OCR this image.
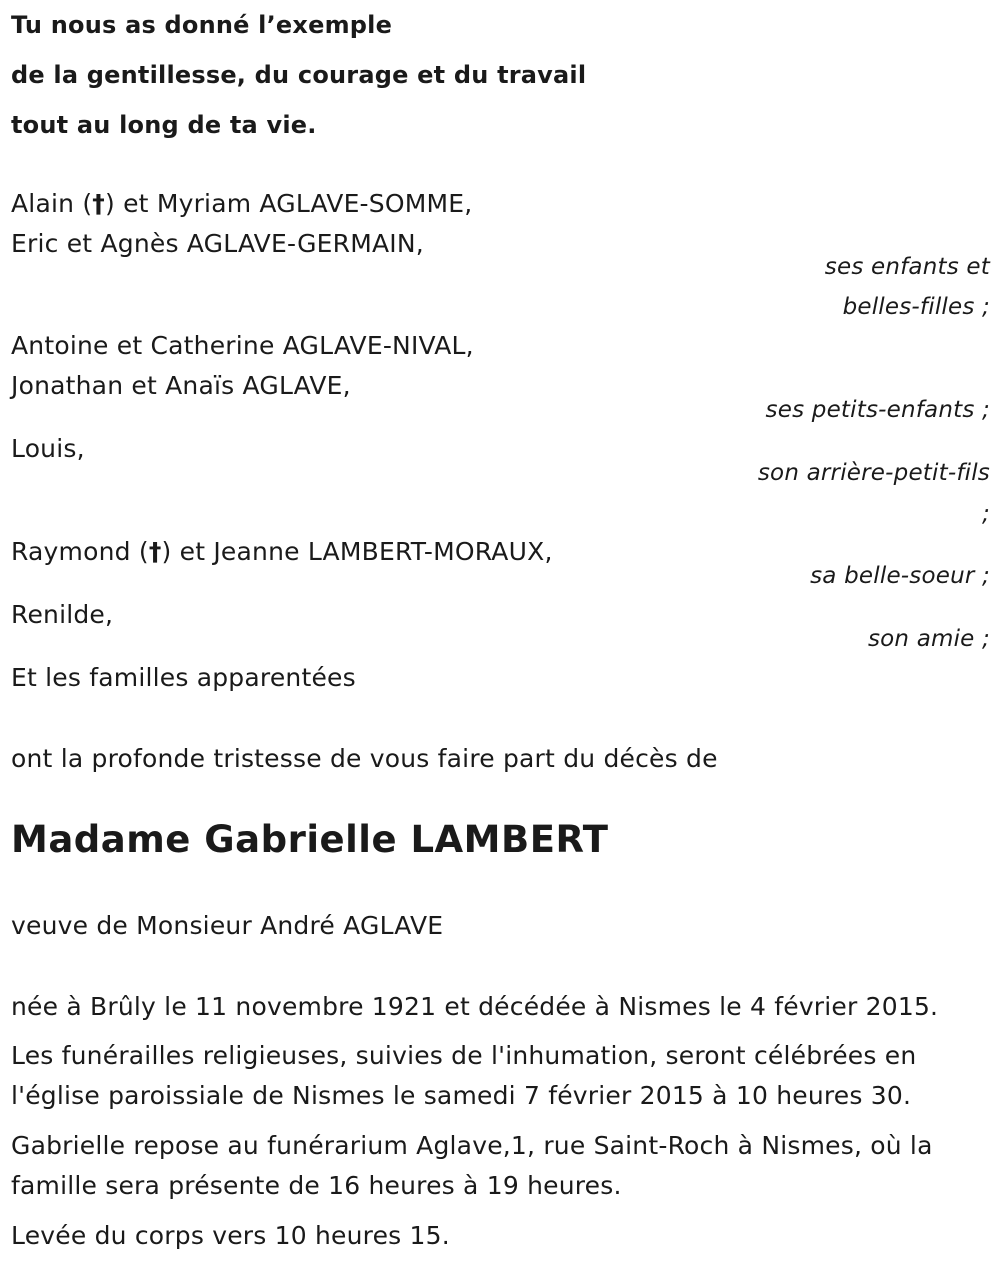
Tu nous as donné l’exemple
de la gentillesse, du courage et du travail
tout au long de ta vie.
Alain (†) et Myriam AGLAVE-SOMME,
Eric et Agnès AGLAVE-GERMAIN,
ses enfants et
belles-filles ;
Antoine et Catherine AGLAVE-NIVAL,
Jonathan et Anaïs AGLAVE,
ses petits-enfants ;
Louis,
son arrière-petit-fils
;
Raymond (†) et Jeanne LAMBERT-MORAUX,
sa belle-soeur ;
Renilde,
son amie ;
Et les familles apparentées
ont la profonde tristesse de vous faire part du décès de
Madame Gabrielle LAMBERT
veuve de Monsieur André AGLAVE
née à Brûly le 11 novembre 1921 et décédée à Nismes le 4 février 2015.
Les funérailles religieuses, suivies de l'inhumation, seront célébrées en
l'église paroissiale de Nismes le samedi 7 février 2015 à 10 heures 30.
Gabrielle repose au funérarium Aglave,1, rue Saint-Roch à Nismes, où la
famille sera présente de 16 heures à 19 heures.
Levée du corps vers 10 heures 15.
